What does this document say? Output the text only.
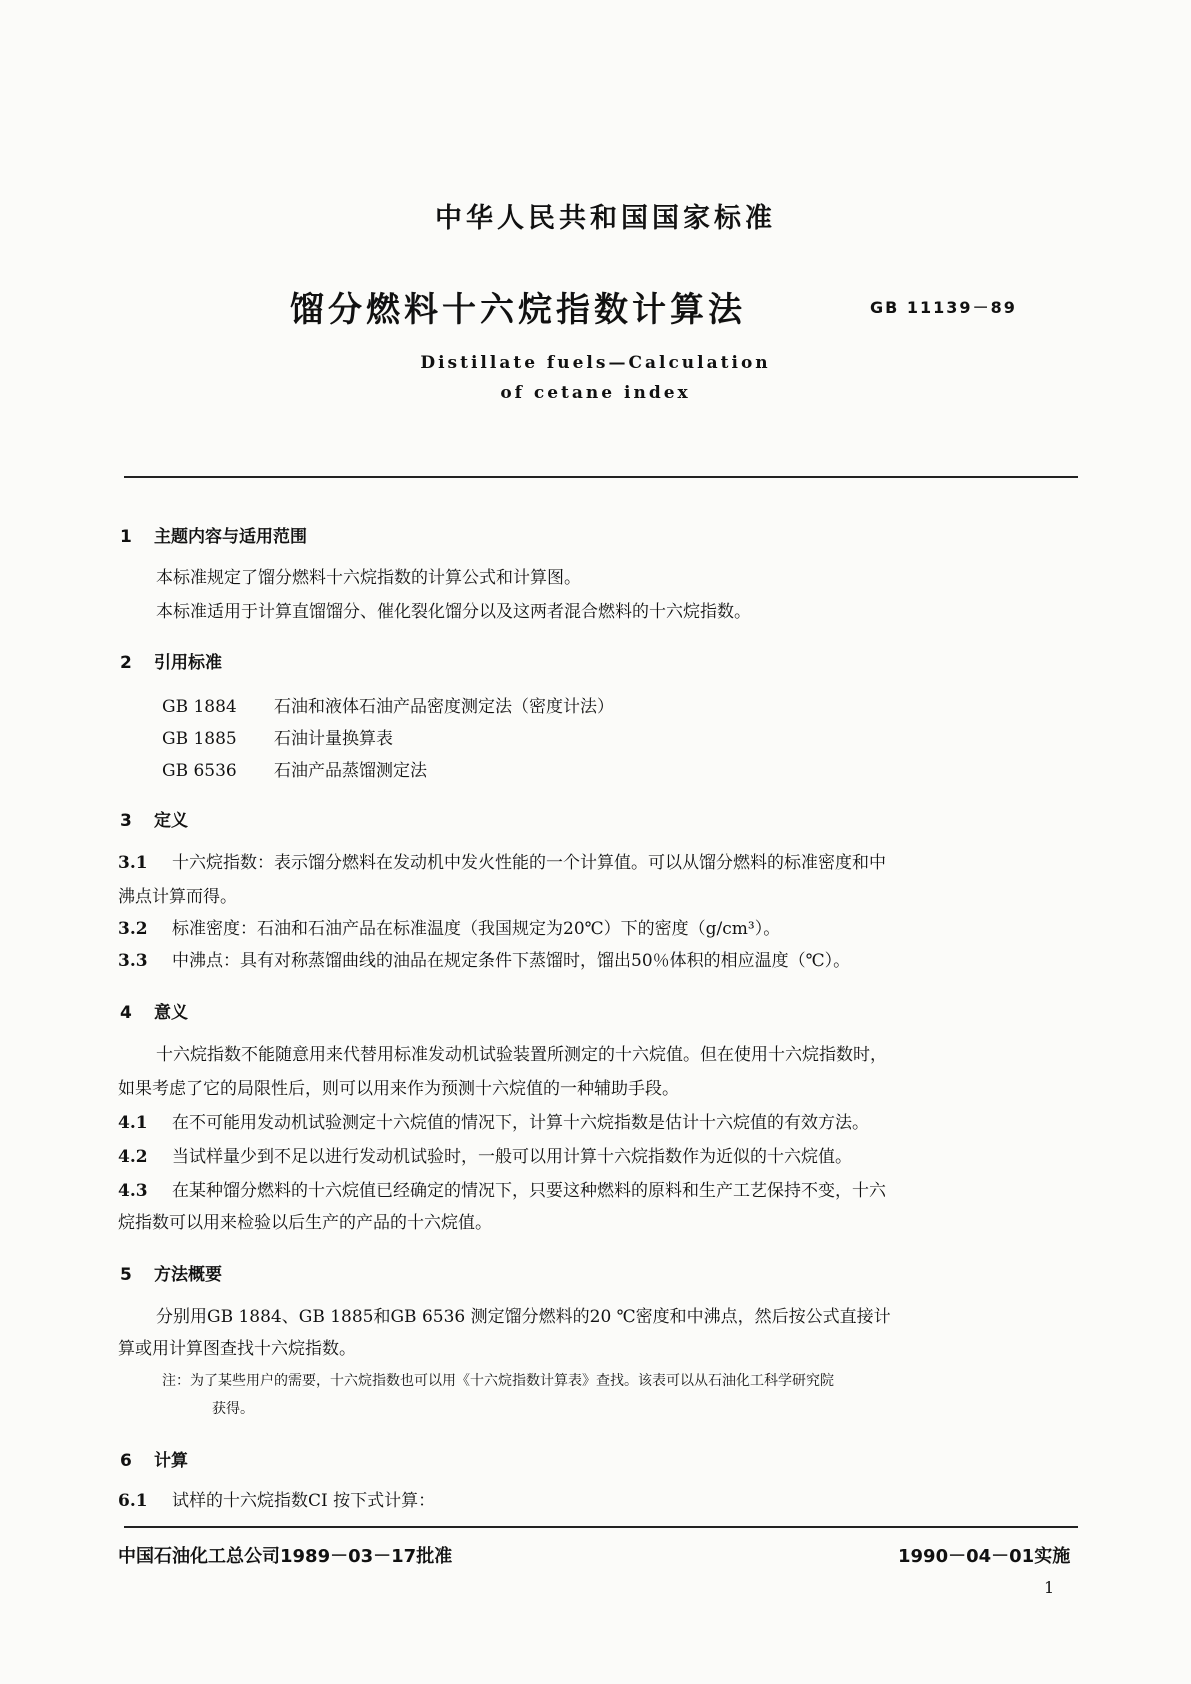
中华人民共和国国家标准
馏分燃料十六烷指数计算法	GB 11139－89
Distillate fuels—Calculation
of cetane index
1 主题内容与适用范围
本标准规定了馏分燃料十六烷指数的计算公式和计算图。
本标准适用于计算直馏馏分、催化裂化馏分以及这两者混合燃料的十六烷指数。
2 引用标准
GB 1884 石油和液体石油产品密度测定法（密度计法）
GB 1885 石油计量换算表
GB 6536 石油产品蒸馏测定法
3 定义
3.1 十六烷指数：表示馏分燃料在发动机中发火性能的一个计算值。可以从馏分燃料的标准密度和中
沸点计算而得。
3.2 标准密度：石油和石油产品在标准温度（我国规定为20℃）下的密度（g/cm³）。
3.3 中沸点：具有对称蒸馏曲线的油品在规定条件下蒸馏时，馏出50％体积的相应温度（℃）。
4 意义
十六烷指数不能随意用来代替用标准发动机试验装置所测定的十六烷值。但在使用十六烷指数时，
如果考虑了它的局限性后，则可以用来作为预测十六烷值的一种辅助手段。
4.1 在不可能用发动机试验测定十六烷值的情况下，计算十六烷指数是估计十六烷值的有效方法。
4.2 当试样量少到不足以进行发动机试验时，一般可以用计算十六烷指数作为近似的十六烷值。
4.3 在某种馏分燃料的十六烷值已经确定的情况下，只要这种燃料的原料和生产工艺保持不变，十六
烷指数可以用来检验以后生产的产品的十六烷值。
5 方法概要
分别用GB 1884、GB 1885和GB 6536 测定馏分燃料的20 ℃密度和中沸点，然后按公式直接计
算或用计算图查找十六烷指数。
注：为了某些用户的需要，十六烷指数也可以用《十六烷指数计算表》查找。该表可以从石油化工科学研究院
获得。
6 计算
6.1 试样的十六烷指数CI 按下式计算：
中国石油化工总公司1989－03－17批准	1990－04－01实施
1
